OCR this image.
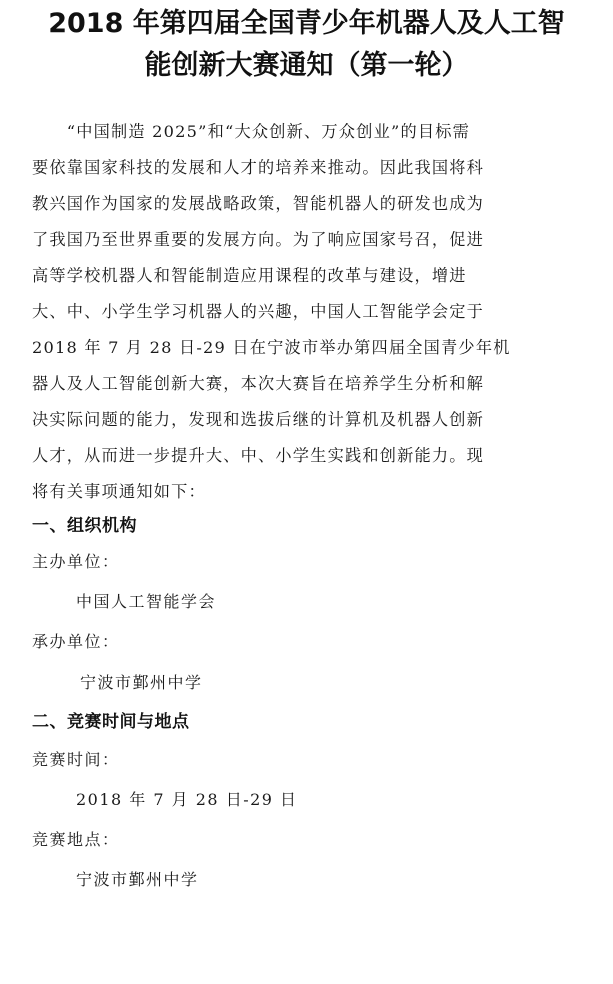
2018 年第四届全国青少年机器人及人工智
能创新大赛通知（第一轮）
　　“中国制造 2025”和“大众创新、万众创业”的目标需
要依靠国家科技的发展和人才的培养来推动。因此我国将科
教兴国作为国家的发展战略政策，智能机器人的研发也成为
了我国乃至世界重要的发展方向。为了响应国家号召，促进
高等学校机器人和智能制造应用课程的改革与建设，增进
大、中、小学生学习机器人的兴趣，中国人工智能学会定于
2018 年 7 月 28 日-29 日在宁波市举办第四届全国青少年机
器人及人工智能创新大赛，本次大赛旨在培养学生分析和解
决实际问题的能力，发现和选拔后继的计算机及机器人创新
人才，从而进一步提升大、中、小学生实践和创新能力。现
将有关事项通知如下：
一、组织机构
主办单位：
中国人工智能学会
承办单位：
宁波市鄞州中学
二、竞赛时间与地点
竞赛时间：
2018 年 7 月 28 日-29 日
竞赛地点：
宁波市鄞州中学
